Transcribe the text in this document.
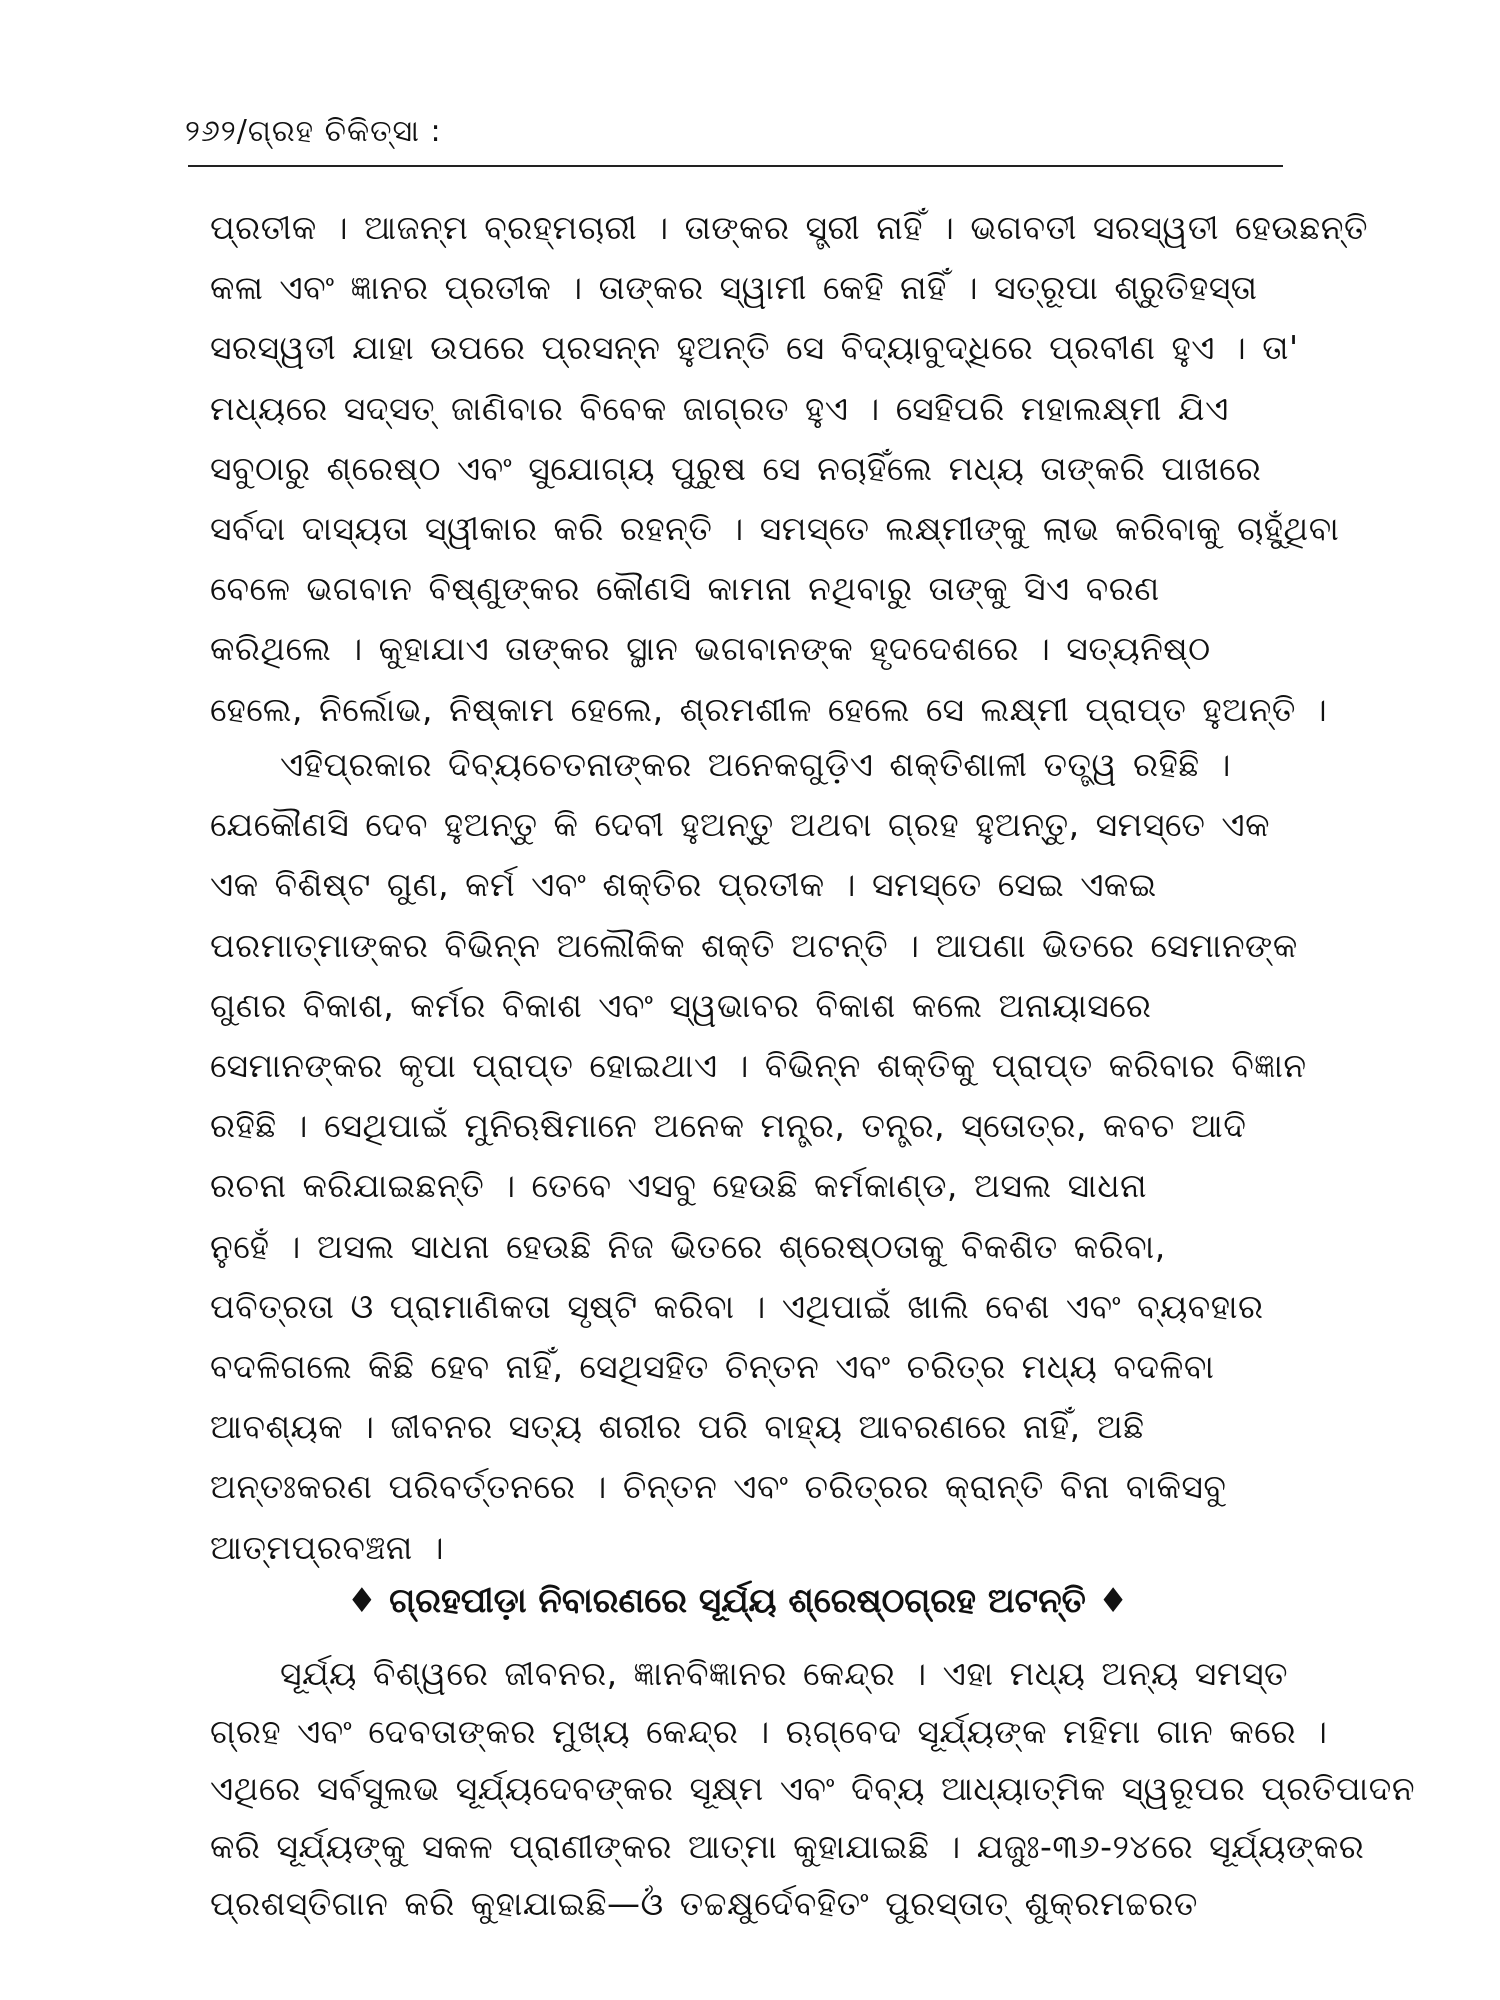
୨୬୨/ଗ୍ରହ ଚିକିତ୍ସା :
ପ୍ରତୀକ । ଆଜନ୍ମ ବ୍ରହ୍ମଚାରୀ । ତାଙ୍କର ସ୍ତ୍ରୀ ନାହିଁ । ଭଗବତୀ ସରସ୍ୱତୀ ହେଉଛନ୍ତି
କଳା ଏବଂ ଜ୍ଞାନର ପ୍ରତୀକ । ତାଙ୍କର ସ୍ୱାମୀ କେହି ନାହିଁ । ସତ୍‌ରୂପା ଶ୍ରୁତିହସ୍ତା
ସରସ୍ୱତୀ ଯାହା ଉପରେ ପ୍ରସନ୍ନ ହୁଅନ୍ତି ସେ ବିଦ୍ୟାବୁଦ୍ଧିରେ ପ୍ରବୀଣ ହୁଏ । ତା'
ମଧ୍ୟରେ ସଦ୍‌ସତ୍ ଜାଣିବାର ବିବେକ ଜାଗ୍ରତ ହୁଏ । ସେହିପରି ମହାଲକ୍ଷ୍ମୀ ଯିଏ
ସବୁଠାରୁ ଶ୍ରେଷ୍ଠ ଏବଂ ସୁଯୋଗ୍ୟ ପୁରୁଷ ସେ ନଚାହିଁଲେ ମଧ୍ୟ ତାଙ୍କରି ପାଖରେ
ସର୍ବଦା ଦାସ୍ୟତା ସ୍ୱୀକାର କରି ରହନ୍ତି । ସମସ୍ତେ ଲକ୍ଷ୍ମୀଙ୍କୁ ଲାଭ କରିବାକୁ ଚାହୁଁଥିବା
ବେଳେ ଭଗବାନ ବିଷ୍ଣୁଙ୍କର କୌଣସି କାମନା ନଥିବାରୁ ତାଙ୍କୁ ସିଏ ବରଣ
କରିଥିଲେ । କୁହାଯାଏ ତାଙ୍କର ସ୍ଥାନ ଭଗବାନଙ୍କ ହୃଦଦେଶରେ । ସତ୍ୟନିଷ୍ଠ
ହେଲେ, ନିର୍ଲୋଭ, ନିଷ୍କାମ ହେଲେ, ଶ୍ରମଶୀଳ ହେଲେ ସେ ଲକ୍ଷ୍ମୀ ପ୍ରାପ୍ତ ହୁଅନ୍ତି ।
ଏହିପ୍ରକାର ଦିବ୍ୟଚେତନାଙ୍କର ଅନେକଗୁଡ଼ିଏ ଶକ୍ତିଶାଳୀ ତତ୍ତ୍ୱ ରହିଛି ।
ଯେକୌଣସି ଦେବ ହୁଅନ୍ତୁ କି ଦେବୀ ହୁଅନ୍ତୁ ଅଥବା ଗ୍ରହ ହୁଅନ୍ତୁ, ସମସ୍ତେ ଏକ
ଏକ ବିଶିଷ୍ଟ ଗୁଣ, କର୍ମ ଏବଂ ଶକ୍ତିର ପ୍ରତୀକ । ସମସ୍ତେ ସେଇ ଏକଇ
ପରମାତ୍ମାଙ୍କର ବିଭିନ୍ନ ଅଲୌକିକ ଶକ୍ତି ଅଟନ୍ତି । ଆପଣା ଭିତରେ ସେମାନଙ୍କ
ଗୁଣର ବିକାଶ, କର୍ମର ବିକାଶ ଏବଂ ସ୍ୱଭାବର ବିକାଶ କଲେ ଅନାୟାସରେ
ସେମାନଙ୍କର କୃପା ପ୍ରାପ୍ତ ହୋଇଥାଏ । ବିଭିନ୍ନ ଶକ୍ତିକୁ ପ୍ରାପ୍ତ କରିବାର ବିଜ୍ଞାନ
ରହିଛି । ସେଥିପାଇଁ ମୁନିଋଷିମାନେ ଅନେକ ମନ୍ତ୍ର, ତନ୍ତ୍ର, ସ୍ତୋତ୍ର, କବଚ ଆଦି
ରଚନା କରିଯାଇଛନ୍ତି । ତେବେ ଏସବୁ ହେଉଛି କର୍ମକାଣ୍ଡ, ଅସଲ ସାଧନା
ନୁହେଁ । ଅସଲ ସାଧନା ହେଉଛି ନିଜ ଭିତରେ ଶ୍ରେଷ୍ଠତାକୁ ବିକଶିତ କରିବା,
ପବିତ୍ରତା ଓ ପ୍ରାମାଣିକତା ସୃଷ୍ଟି କରିବା । ଏଥିପାଇଁ ଖାଲି ବେଶ ଏବଂ ବ୍ୟବହାର
ବଦଳିଗଲେ କିଛି ହେବ ନାହିଁ, ସେଥିସହିତ ଚିନ୍ତନ ଏବଂ ଚରିତ୍ର ମଧ୍ୟ ବଦଳିବା
ଆବଶ୍ୟକ । ଜୀବନର ସତ୍ୟ ଶରୀର ପରି ବାହ୍ୟ ଆବରଣରେ ନାହିଁ, ଅଛି
ଅନ୍ତଃକରଣ ପରିବର୍ତ୍ତନରେ । ଚିନ୍ତନ ଏବଂ ଚରିତ୍ରର କ୍ରାନ୍ତି ବିନା ବାକିସବୁ
ଆତ୍ମପ୍ରବଞ୍ଚନା ।
♦ ଗ୍ରହପୀଡ଼ା ନିବାରଣରେ ସୂର୍ଯ୍ୟ ଶ୍ରେଷ୍ଠଗ୍ରହ ଅଟନ୍ତି ♦
ସୂର୍ଯ୍ୟ ବିଶ୍ୱରେ ଜୀବନର, ଜ୍ଞାନବିଜ୍ଞାନର କେନ୍ଦ୍ର । ଏହା ମଧ୍ୟ ଅନ୍ୟ ସମସ୍ତ
ଗ୍ରହ ଏବଂ ଦେବତାଙ୍କର ମୁଖ୍ୟ କେନ୍ଦ୍ର । ଋଗ୍‌ବେଦ ସୂର୍ଯ୍ୟଙ୍କ ମହିମା ଗାନ କରେ ।
ଏଥିରେ ସର୍ବସୁଲଭ ସୂର୍ଯ୍ୟଦେବଙ୍କର ସୂକ୍ଷ୍ମ ଏବଂ ଦିବ୍ୟ ଆଧ୍ୟାତ୍ମିକ ସ୍ୱରୂପର ପ୍ରତିପାଦନ
କରି ସୂର୍ଯ୍ୟଙ୍କୁ ସକଳ ପ୍ରାଣୀଙ୍କର ଆତ୍ମା କୁହାଯାଇଛି । ଯଜୁଃ-୩୬-୨୪ରେ ସୂର୍ଯ୍ୟଙ୍କର
ପ୍ରଶସ୍ତିଗାନ କରି କୁହାଯାଇଛି—ଓଁ ତଚ୍ଚକ୍ଷୁର୍ଦେବହିତଂ ପୁରସ୍ତାତ୍ ଶୁକ୍ରମଚ୍ଚରତ
